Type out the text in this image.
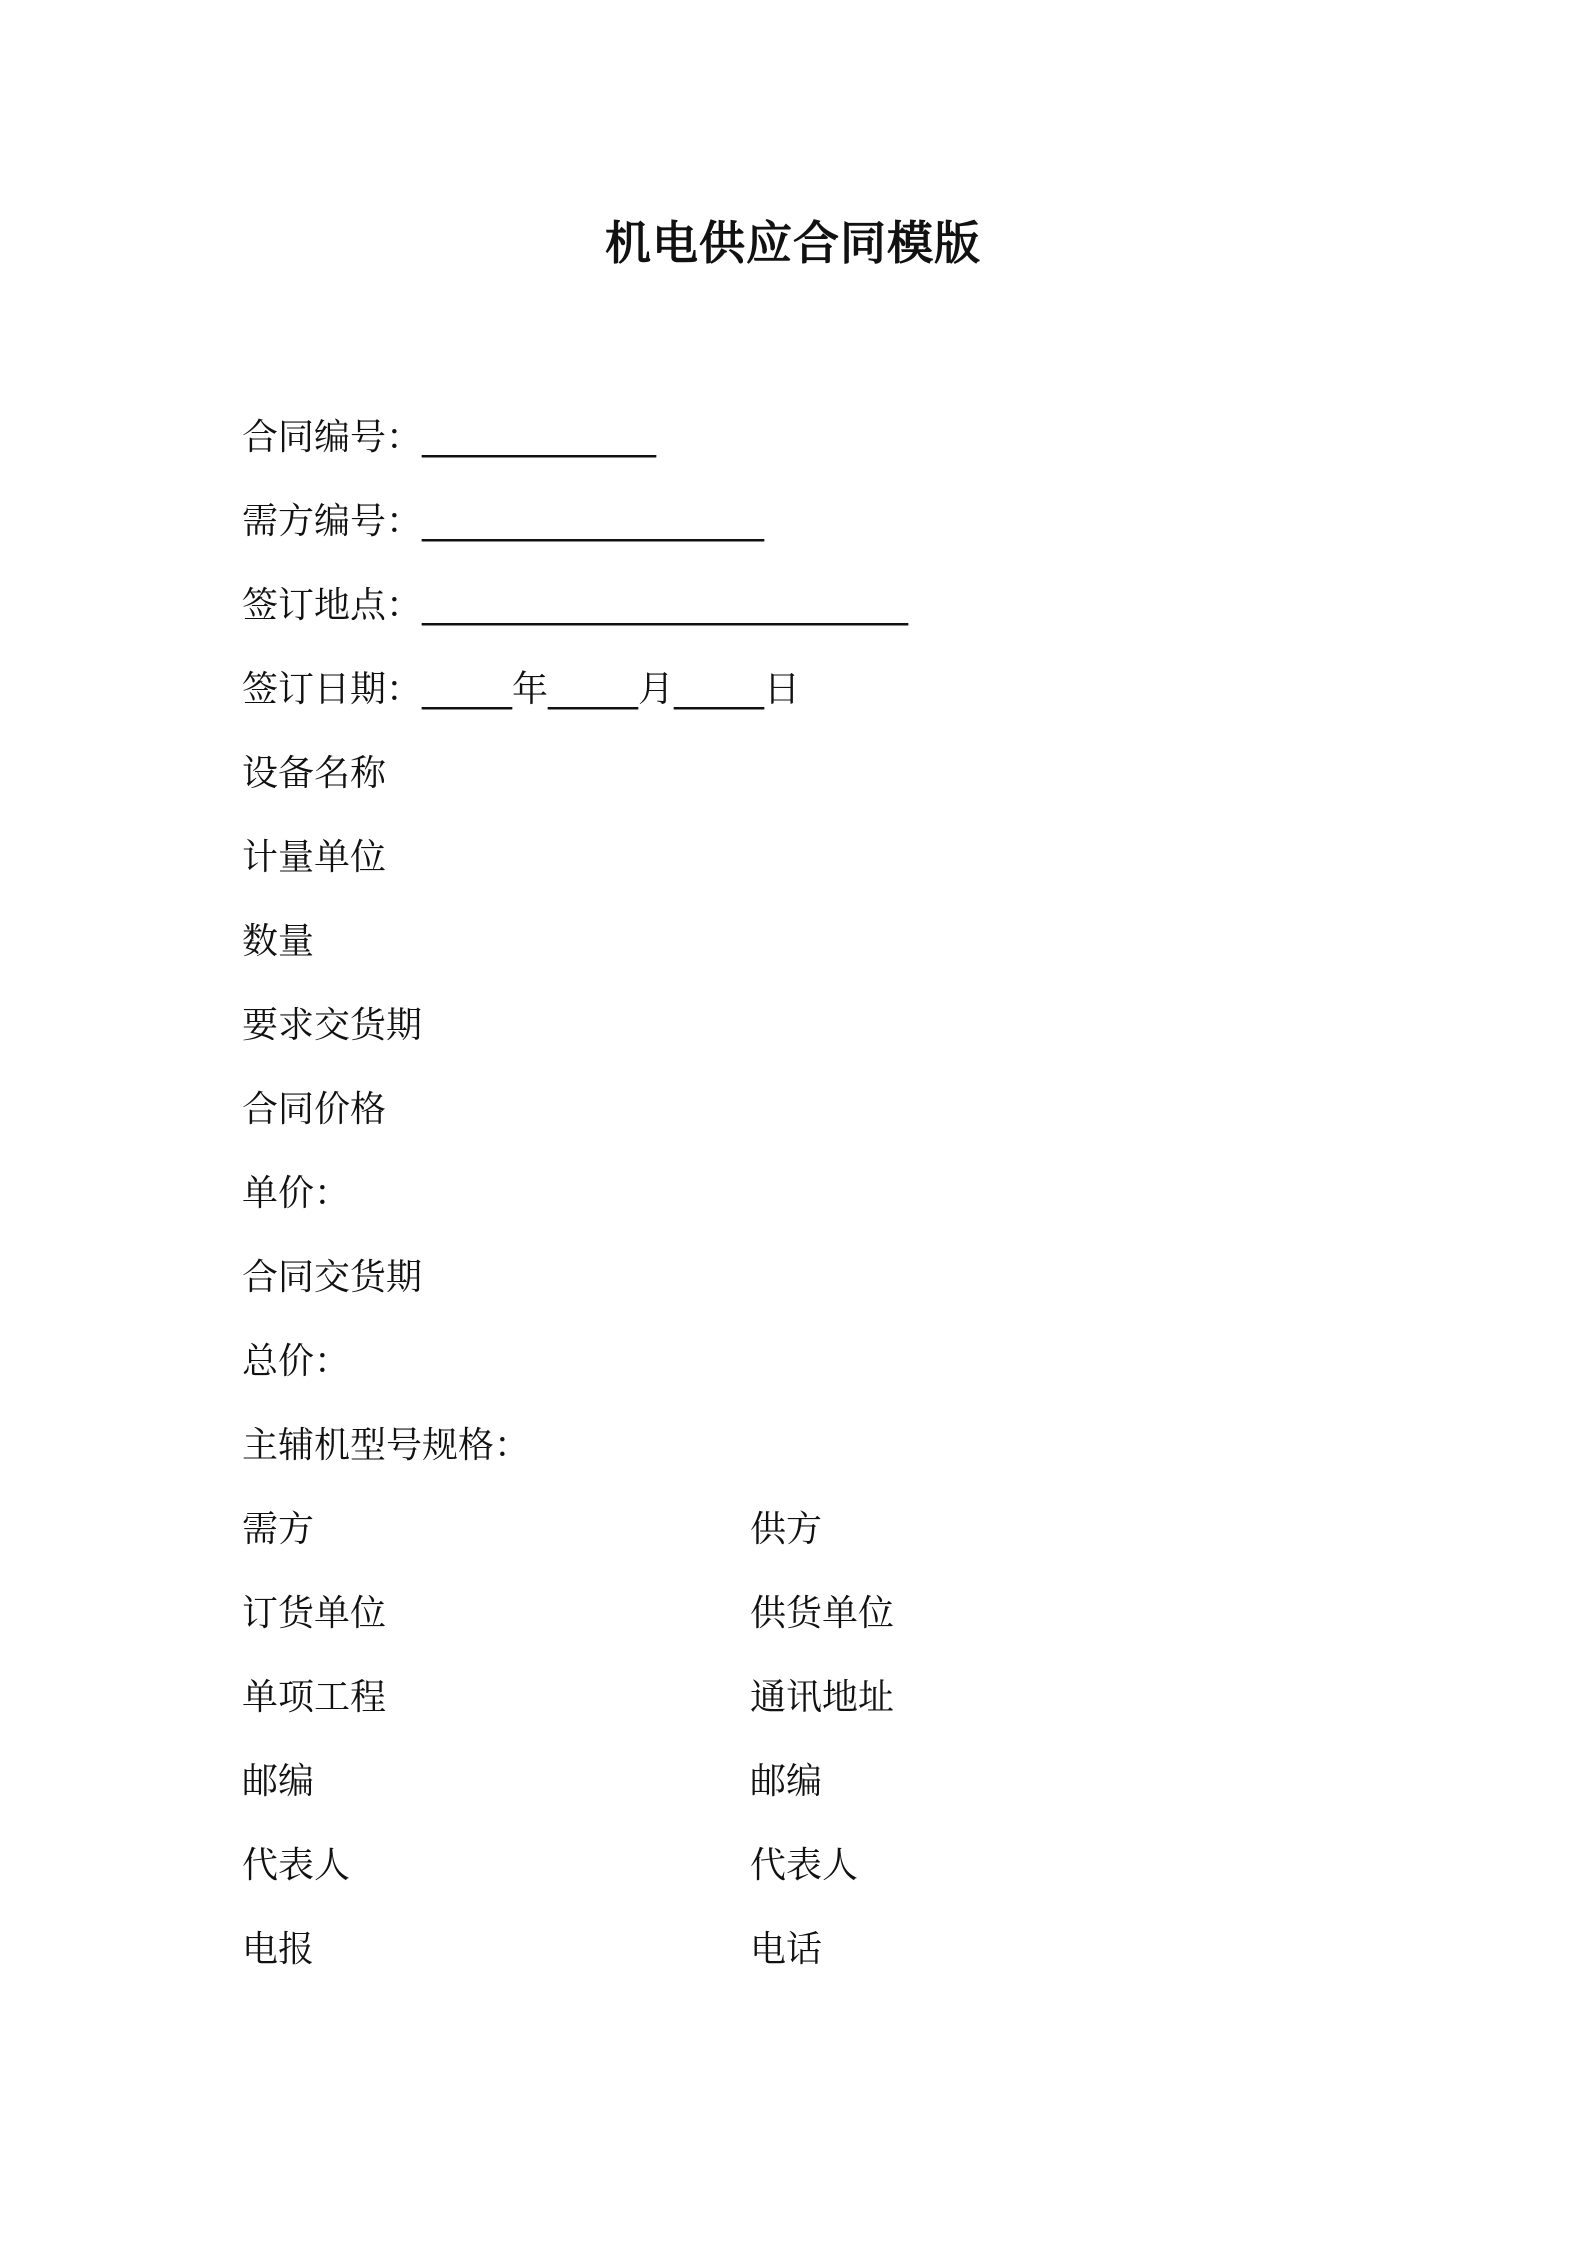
机电供应合同模版
合同编号：_____________
需方编号：___________________
签订地点：___________________________
签订日期：_____年_____月_____日
设备名称
计量单位
数量
要求交货期
合同价格
单价：
合同交货期
总价：
主辅机型号规格：
需方	供方
订货单位	供货单位
单项工程	通讯地址
邮编	邮编
代表人	代表人
电报	电话
